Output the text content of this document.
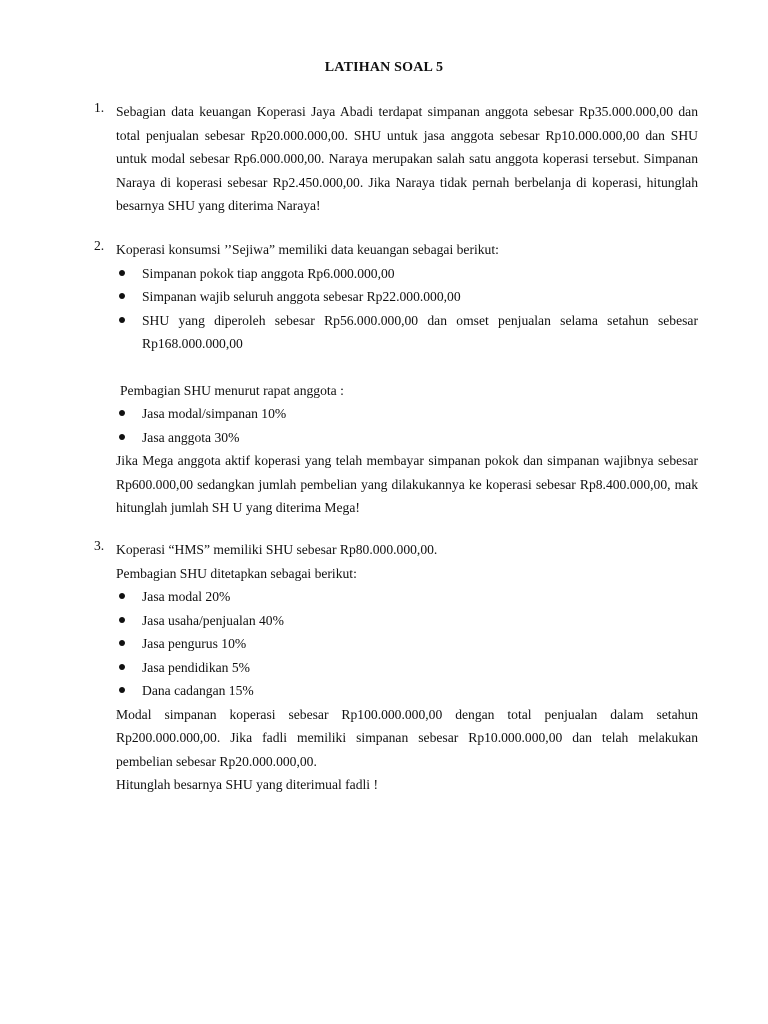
LATIHAN SOAL 5
1. Sebagian data keuangan Koperasi Jaya Abadi terdapat simpanan anggota sebesar Rp35.000.000,00 dan total penjualan sebesar Rp20.000.000,00. SHU untuk jasa anggota sebesar Rp10.000.000,00 dan SHU untuk modal sebesar Rp6.000.000,00. Naraya merupakan salah satu anggota koperasi tersebut. Simpanan Naraya di koperasi sebesar Rp2.450.000,00. Jika Naraya tidak pernah berbelanja di koperasi, hitunglah besarnya SHU yang diterima Naraya!
2. Koperasi konsumsi ’’Sejiwa” memiliki data keuangan sebagai berikut:
Simpanan pokok tiap anggota Rp6.000.000,00
Simpanan wajib seluruh anggota sebesar Rp22.000.000,00
SHU yang diperoleh sebesar Rp56.000.000,00 dan omset penjualan selama setahun sebesar Rp168.000.000,00
Pembagian SHU menurut rapat anggota :
Jasa modal/simpanan 10%
Jasa anggota 30%
Jika Mega anggota aktif koperasi yang telah membayar simpanan pokok dan simpanan wajibnya sebesar Rp600.000,00 sedangkan jumlah pembelian yang dilakukannya ke koperasi sebesar Rp8.400.000,00, mak hitunglah jumlah SH U yang diterima Mega!
3. Koperasi “HMS” memiliki SHU sebesar Rp80.000.000,00.
Pembagian SHU ditetapkan sebagai berikut:
Jasa modal 20%
Jasa usaha/penjualan 40%
Jasa pengurus 10%
Jasa pendidikan 5%
Dana cadangan 15%
Modal simpanan koperasi sebesar Rp100.000.000,00 dengan total penjualan dalam setahun Rp200.000.000,00. Jika fadli memiliki simpanan sebesar Rp10.000.000,00 dan telah melakukan pembelian sebesar Rp20.000.000,00.
Hitunglah besarnya SHU yang diterimual fadli !
